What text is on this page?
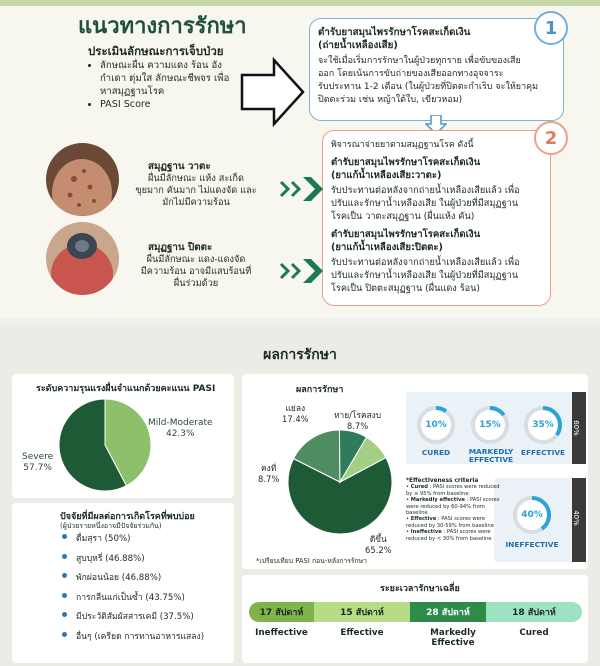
แนวทางการรักษา
ประเมินลักษณะการเจ็บป่วย
• ลักษณะผื่น ความแดง ร้อน อัง
กำเดา ตุ่มใส ลักษณะชีพจร เพื่อ
หาสมุฏฐานโรค
• PASI Score
ตำรับยาสมุนไพรรักษาโรคสะเก็ดเงิน
(ถ่ายน้ำเหลืองเสีย)
จะใช้เมื่อเริ่มการรักษาในผู้ป่วยทุกราย เพื่อขับของเสีย
ออก โดยเน้นการขับถ่ายของเสียออกทางอุจจาระ
รับประทาน 1-2 เดือน (ในผู้ป่วยที่ปิตตะกำเริบ จะให้ยาคุม
ปิตตะร่วม เช่น หญ้าใต้ใบ, เขียวหอม)
1
พิจารณาจ่ายยาตามสมุฏฐานโรค ดังนี้
ตำรับยาสมุนไพรรักษาโรคสะเก็ดเงิน
(ยาแก้น้ำเหลืองเสีย:วาตะ)
รับประทานต่อหลังจากถ่ายน้ำเหลืองเสียแล้ว เพื่อ
ปรับและรักษาน้ำเหลืองเสีย ในผู้ป่วยที่มีสมุฏฐาน
โรคเป็น วาตะสมุฏฐาน (ผื่นแห้ง คัน)
ตำรับยาสมุนไพรรักษาโรคสะเก็ดเงิน
(ยาแก้น้ำเหลืองเสีย:ปิตตะ)
รับประทานต่อหลังจากถ่ายน้ำเหลืองเสียแล้ว เพื่อ
ปรับและรักษาน้ำเหลืองเสีย ในผู้ป่วยที่มีสมุฏฐาน
โรคเป็น ปิตตะสมุฏฐาน (ผื่นแดง ร้อน)
2
สมุฏฐาน วาตะ
ผื่นมีลักษณะ แห้ง สะเก็ด
ขุยมาก คันมาก ไม่แดงจัด และ
มักไม่มีความร้อน
สมุฏฐาน ปิตตะ
ผื่นมีลักษณะ แดง-แดงจัด
มีความร้อน อาจมีแสบร้อนที่
ผื่นร่วมด้วย
ผลการรักษา
ระดับความรุนแรงผื่นจำแนกด้วยคะแนน PASI
Mild-Moderate
42.3%
Severe
57.7%
ปัจจัยที่มีผลต่อการเกิดโรคที่พบบ่อย
(ผู้ป่วยรายหนึ่งอาจมีปัจจัยร่วมกัน)
ดื่มสุรา (50%)
สูบบุหรี่ (46.88%)
พักผ่อนน้อย (46.88%)
การกลืนแก่เป็นซ้ำ (43.75%)
มีประวัติสัมผัสสารเคมี (37.5%)
อื่นๆ (เครียด การทานอาหารแสลง)
ผลการรักษา
แย่ลง
17.4%	หาย/โรคสงบ
8.7%
คงที่
8.7%
ดีขึ้น
65.2%
*เปรียบเทียบ PASI ก่อน-หลังการรักษา
60%
40%
10%
CURED
15%
MARKEDLY
EFFECTIVE
35%
EFFECTIVE
40%
INEFFECTIVE
*Effectiveness criteria
• Cured : PASI scores were reduced by ≥ 95% from baseline
• Markedly effective : PASI scores were reduced by 60-94% from baseline
• Effective : PASI scores were reduced by 30-59% from baseline
• Ineffective : PASI scores were reduced by < 30% from baseline
ระยะเวลารักษาเฉลี่ย
17 สัปดาห์	15 สัปดาห์	28 สัปดาห์	18 สัปดาห์
Ineffective	Effective	Markedly Effective
Cured
